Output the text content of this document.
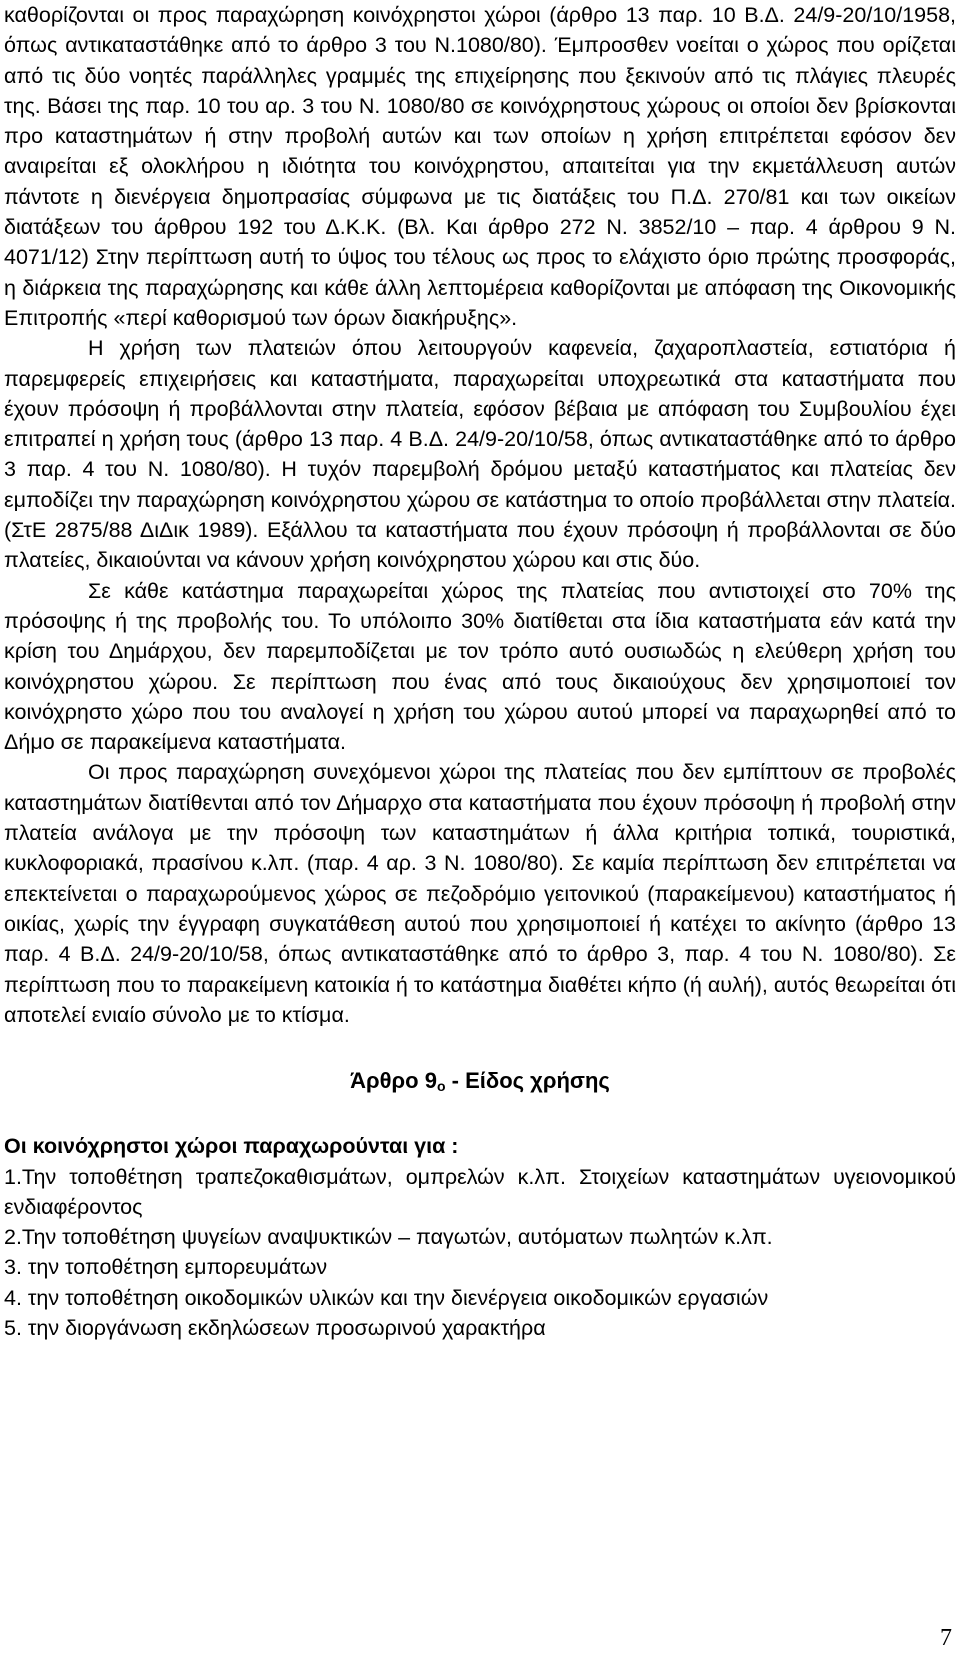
καθορίζονται οι προς παραχώρηση κοινόχρηστοι χώροι (άρθρο 13 παρ. 10 Β.Δ. 24/9-20/10/1958, όπως αντικαταστάθηκε από το άρθρο 3 του Ν.1080/80). Έμπροσθεν νοείται ο χώρος που ορίζεται από τις δύο νοητές παράλληλες γραμμές της επιχείρησης που ξεκινούν από τις πλάγιες πλευρές της. Βάσει της παρ. 10 του αρ. 3 του Ν. 1080/80 σε κοινόχρηστους χώρους οι οποίοι δεν βρίσκονται προ καταστημάτων ή στην προβολή αυτών και των οποίων η χρήση επιτρέπεται εφόσον δεν αναιρείται εξ ολοκλήρου η ιδιότητα του κοινόχρηστου, απαιτείται για την εκμετάλλευση αυτών πάντοτε η διενέργεια δημοπρασίας σύμφωνα με τις διατάξεις του Π.Δ. 270/81 και των οικείων διατάξεων του άρθρου 192 του Δ.Κ.Κ. (Βλ. Και άρθρο 272 Ν. 3852/10 – παρ. 4 άρθρου 9 Ν. 4071/12) Στην περίπτωση αυτή το ύψος του τέλους ως προς το ελάχιστο όριο πρώτης προσφοράς, η διάρκεια της παραχώρησης και κάθε άλλη λεπτομέρεια καθορίζονται με απόφαση της Οικονομικής Επιτροπής «περί καθορισμού των όρων διακήρυξης».

Η χρήση των πλατειών όπου λειτουργούν καφενεία, ζαχαροπλαστεία, εστιατόρια ή παρεμφερείς επιχειρήσεις και καταστήματα, παραχωρείται υποχρεωτικά στα καταστήματα που έχουν πρόσοψη ή προβάλλονται στην πλατεία, εφόσον βέβαια με απόφαση του Συμβουλίου έχει επιτραπεί η χρήση τους (άρθρο 13 παρ. 4 Β.Δ. 24/9-20/10/58, όπως αντικαταστάθηκε από το άρθρο 3 παρ. 4 του Ν. 1080/80). Η τυχόν παρεμβολή δρόμου μεταξύ καταστήματος και πλατείας δεν εμποδίζει την παραχώρηση κοινόχρηστου χώρου σε κατάστημα το οποίο προβάλλεται στην πλατεία. (ΣτΕ 2875/88 ΔιΔικ 1989). Εξάλλου τα καταστήματα που έχουν πρόσοψη ή προβάλλονται σε δύο πλατείες, δικαιούνται να κάνουν χρήση κοινόχρηστου χώρου και στις δύο.

Σε κάθε κατάστημα παραχωρείται χώρος της πλατείας που αντιστοιχεί στο 70% της πρόσοψης ή της προβολής του. Το υπόλοιπο 30% διατίθεται στα ίδια καταστήματα εάν κατά την κρίση του Δημάρχου, δεν παρεμποδίζεται με τον τρόπο αυτό ουσιωδώς η ελεύθερη χρήση του κοινόχρηστου χώρου. Σε περίπτωση που ένας από τους δικαιούχους δεν χρησιμοποιεί τον κοινόχρηστο χώρο που του αναλογεί η χρήση του χώρου αυτού μπορεί να παραχωρηθεί από το Δήμο σε παρακείμενα καταστήματα.

Οι προς παραχώρηση συνεχόμενοι χώροι της πλατείας που δεν εμπίπτουν σε προβολές καταστημάτων διατίθενται από τον Δήμαρχο στα καταστήματα που έχουν πρόσοψη ή προβολή στην πλατεία ανάλογα με την πρόσοψη των καταστημάτων ή άλλα κριτήρια τοπικά, τουριστικά, κυκλοφοριακά, πρασίνου κ.λπ. (παρ. 4 αρ. 3 Ν. 1080/80). Σε καμία περίπτωση δεν επιτρέπεται να επεκτείνεται ο παραχωρούμενος χώρος σε πεζοδρόμιο γειτονικού (παρακείμενου) καταστήματος ή οικίας, χωρίς την έγγραφη συγκατάθεση αυτού που χρησιμοποιεί ή κατέχει το ακίνητο (άρθρο 13 παρ. 4 Β.Δ. 24/9-20/10/58, όπως αντικαταστάθηκε από το άρθρο 3, παρ. 4 του Ν. 1080/80). Σε περίπτωση που το παρακείμενη κατοικία ή το κατάστημα διαθέτει κήπο (ή αυλή), αυτός θεωρείται ότι αποτελεί ενιαίο σύνολο με το κτίσμα.

Άρθρο $9_o$ - Είδος χρήσης

Οι κοινόχρηστοι χώροι παραχωρούνται για :

1.Την τοποθέτηση τραπεζοκαθισμάτων, ομπρελών κ.λπ. Στοιχείων καταστημάτων υγειονομικού ενδιαφέροντος
2.Την τοποθέτηση ψυγείων αναψυκτικών – παγωτών, αυτόματων πωλητών κ.λπ.
3. την τοποθέτηση εμπορευμάτων
4. την τοποθέτηση οικοδομικών υλικών και την διενέργεια οικοδομικών εργασιών
5. την διοργάνωση εκδηλώσεων προσωρινού χαρακτήρα
7
